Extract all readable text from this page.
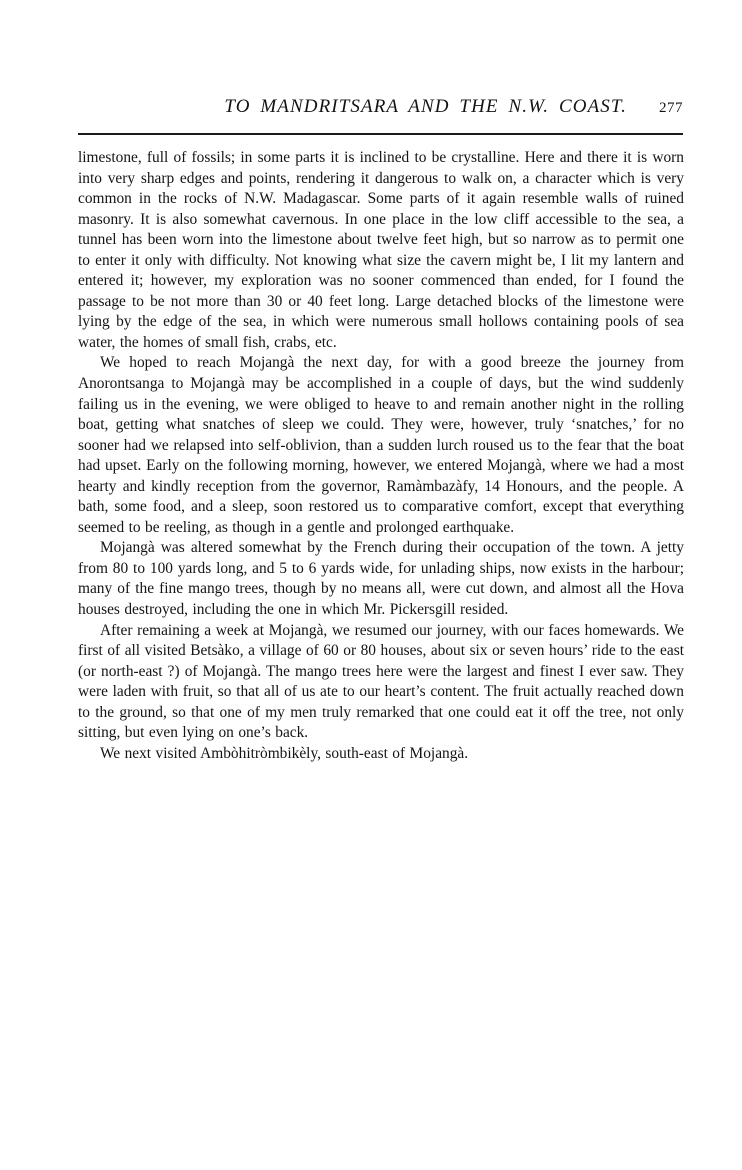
TO MANDRITSARA AND THE N.W. COAST.	277

limestone, full of fossils; in some parts it is inclined to be crystalline. Here and there it is worn into very sharp edges and points, rendering it dangerous to walk on, a character which is very common in the rocks of N.W. Madagascar. Some parts of it again resemble walls of ruined masonry. It is also somewhat cavernous. In one place in the low cliff accessible to the sea, a tunnel has been worn into the limestone about twelve feet high, but so narrow as to permit one to enter it only with difficulty. Not knowing what size the cavern might be, I lit my lantern and entered it; however, my exploration was no sooner commenced than ended, for I found the passage to be not more than 30 or 40 feet long. Large detached blocks of the limestone were lying by the edge of the sea, in which were numerous small hollows containing pools of sea water, the homes of small fish, crabs, etc.

We hoped to reach Mojangà the next day, for with a good breeze the journey from Anorontsanga to Mojangà may be accomplished in a couple of days, but the wind suddenly failing us in the evening, we were obliged to heave to and remain another night in the rolling boat, getting what snatches of sleep we could. They were, however, truly ‘snatches,’ for no sooner had we relapsed into self-oblivion, than a sudden lurch roused us to the fear that the boat had upset. Early on the following morning, however, we entered Mojangà, where we had a most hearty and kindly reception from the governor, Ramàmbazàfy, 14 Honours, and the people. A bath, some food, and a sleep, soon restored us to comparative comfort, except that everything seemed to be reeling, as though in a gentle and prolonged earthquake.

Mojangà was altered somewhat by the French during their occupation of the town. A jetty from 80 to 100 yards long, and 5 to 6 yards wide, for unlading ships, now exists in the harbour; many of the fine mango trees, though by no means all, were cut down, and almost all the Hova houses destroyed, including the one in which Mr. Pickersgill resided.

After remaining a week at Mojangà, we resumed our journey, with our faces homewards. We first of all visited Betsàko, a village of 60 or 80 houses, about six or seven hours’ ride to the east (or north-east ?) of Mojangà. The mango trees here were the largest and finest I ever saw. They were laden with fruit, so that all of us ate to our heart’s content. The fruit actually reached down to the ground, so that one of my men truly remarked that one could eat it off the tree, not only sitting, but even lying on one’s back.

We next visited Ambòhitròmbikèly, south-east of Mojangà.
